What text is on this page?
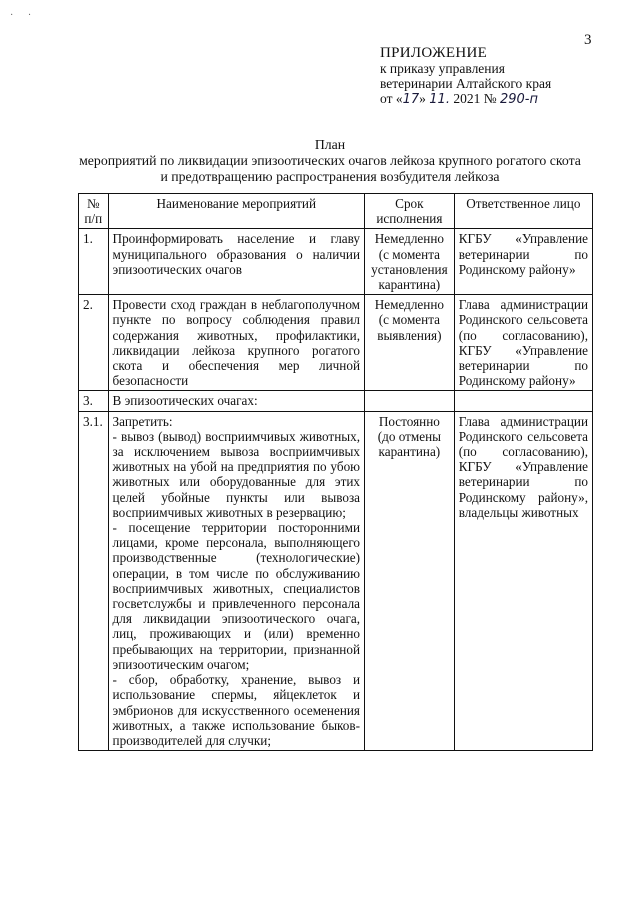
· ·
3
ПРИЛОЖЕНИЕ
к приказу управления
ветеринарии Алтайского края
от «17» 11. 2021 № 290-п
План
мероприятий по ликвидации эпизоотических очагов лейкоза крупного рогатого скота
и предотвращению распространения возбудителя лейкоза
№ п/п	Наименование мероприятий	Срок исполнения	Ответственное лицо
1.	Проинформировать население и главу муниципального образования о наличии эпизоотических очагов	Немедленно (с момента установления карантина)	КГБУ «Управление ветеринарии по Родинскому району»
2.	Провести сход граждан в неблагополучном пункте по вопросу соблюдения правил содержания животных, профилактики, ликвидации лейкоза крупного рогатого скота и обеспечения мер личной безопасности	Немедленно (с момента выявления)	Глава администрации Родинского сельсовета (по согласованию), КГБУ «Управление ветеринарии по Родинскому району»
3.	В эпизоотических очагах:		
3.1.	Запретить:
- вывоз (вывод) восприимчивых животных, за исключением вывоза восприимчивых животных на убой на предприятия по убою животных или оборудованные для этих целей убойные пункты или вывоза восприимчивых животных в резервацию;
- посещение территории посторонними лицами, кроме персонала, выполняющего производственные (технологические) операции, в том числе по обслуживанию восприимчивых животных, специалистов госветслужбы и привлеченного персонала для ликвидации эпизоотического очага, лиц, проживающих и (или) временно пребывающих на территории, признанной эпизоотическим очагом;
- сбор, обработку, хранение, вывоз и использование спермы, яйцеклеток и эмбрионов для искусственного осеменения животных, а также использование быков-производителей для случки;	Постоянно (до отмены карантина)	Глава администрации Родинского сельсовета (по согласованию), КГБУ «Управление ветеринарии по Родинскому району», владельцы животных
